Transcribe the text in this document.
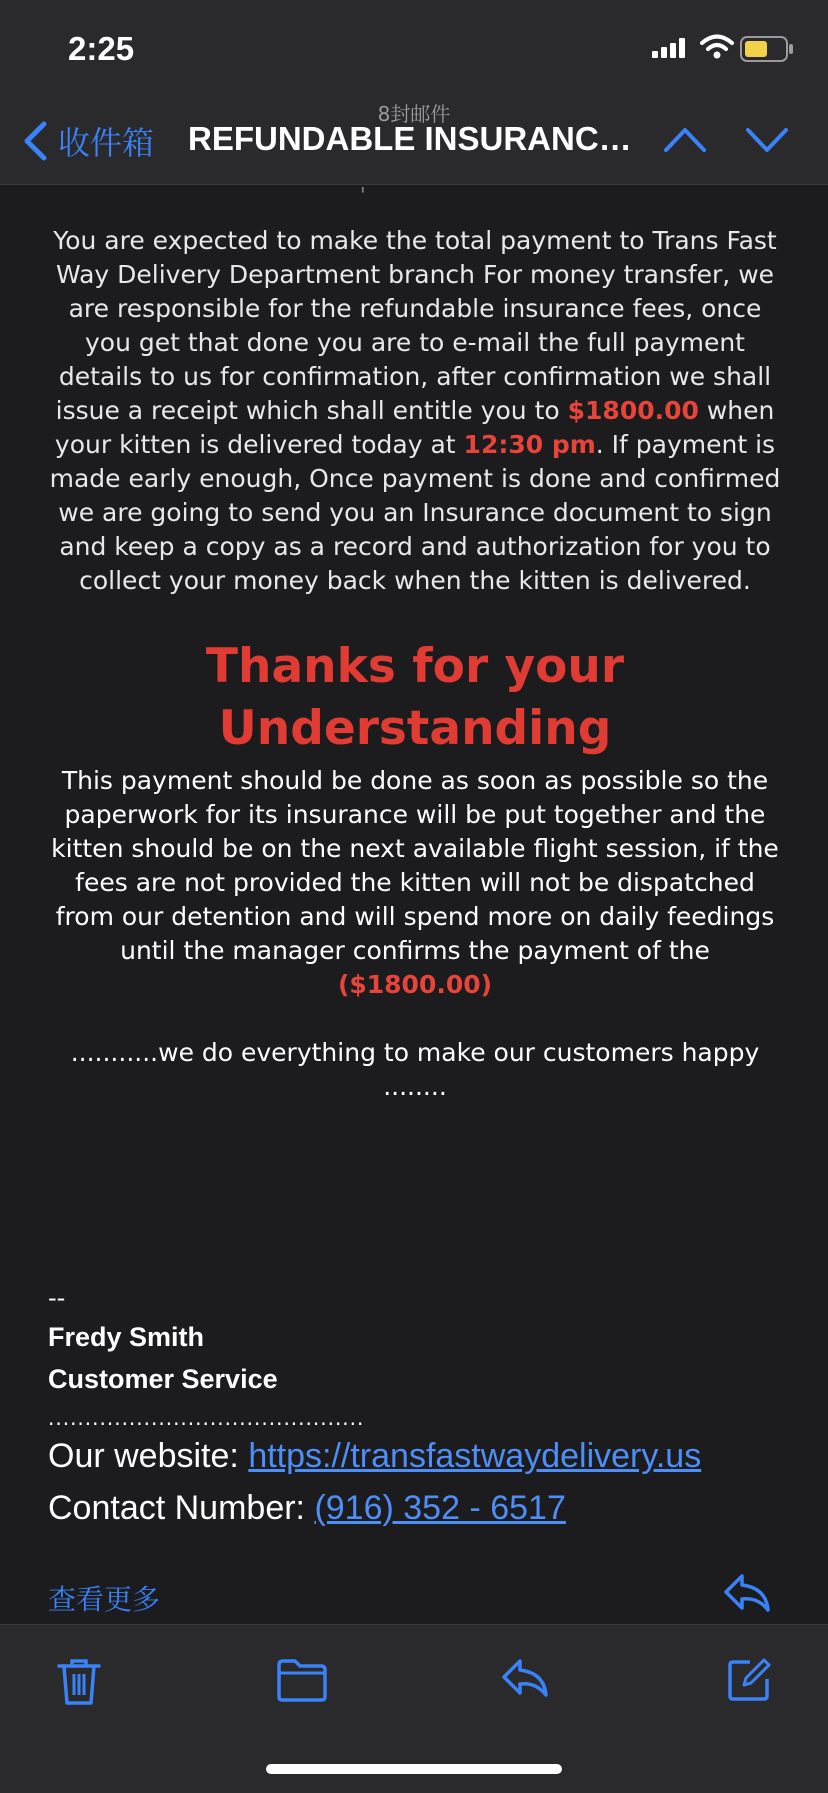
2:25
8封邮件
收件箱 REFUNDABLE INSURANCE...
'

You are expected to make the total payment to Trans Fast Way Delivery Department branch For money transfer, we are responsible for the refundable insurance fees, once you get that done you are to e-mail the full payment details to us for confirmation, after confirmation we shall issue a receipt which shall entitle you to $1800.00 when your kitten is delivered today at 12:30 pm. If payment is made early enough, Once payment is done and confirmed we are going to send you an Insurance document to sign and keep a copy as a record and authorization for you to collect your money back when the kitten is delivered.

Thanks for your Understanding

This payment should be done as soon as possible so the paperwork for its insurance will be put together and the kitten should be on the next available flight session, if the fees are not provided the kitten will not be dispatched from our detention and will spend more on daily feedings until the manager confirms the payment of the ($1800.00)

...........we do everything to make our customers happy ........

--
Fredy Smith
Customer Service
...........................................
Our website: https://transfastwaydelivery.us
Contact Number: (916) 352 - 6517
查看更多
